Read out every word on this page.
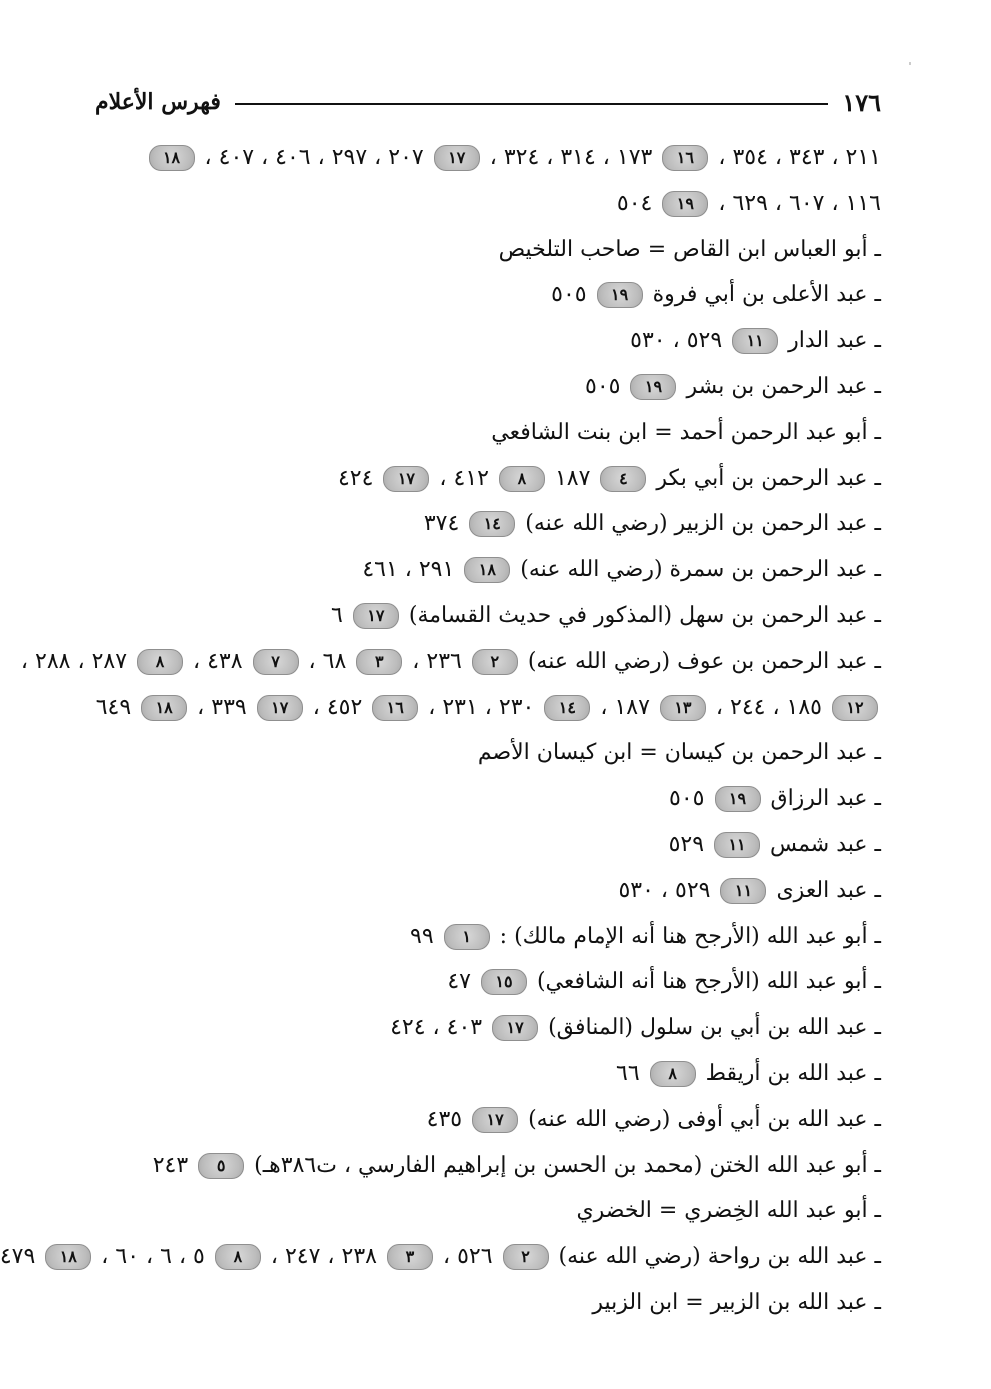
١٧٦
فهرس الأعلام
٢١١ ، ٣٤٣ ، ٣٥٤ ، ١٦ ١٧٣ ، ٣١٤ ، ٣٢٤ ، ١٧ ٢٠٧ ، ٢٩٧ ، ٤٠٦ ، ٤٠٧ ، ١٨
١١٦ ، ٦٠٧ ، ٦٢٩ ، ١٩ ٥٠٤
ـ أبو العباس ابن القاص = صاحب التلخيص
ـ عبد الأعلى بن أبي فروة ١٩ ٥٠٥
ـ عبد الدار ١١ ٥٢٩ ، ٥٣٠
ـ عبد الرحمن بن بشر ١٩ ٥٠٥
ـ أبو عبد الرحمن أحمد = ابن بنت الشافعي
ـ عبد الرحمن بن أبي بكر ٤ ١٨٧ ٨ ٤١٢ ، ١٧ ٤٢٤
ـ عبد الرحمن بن الزبير (رضي الله عنه) ١٤ ٣٧٤
ـ عبد الرحمن بن سمرة (رضي الله عنه) ١٨ ٢٩١ ، ٤٦١
ـ عبد الرحمن بن سهل (المذكور في حديث القسامة) ١٧ ٦
ـ عبد الرحمن بن عوف (رضي الله عنه) ٢ ٢٣٦ ، ٣ ٦٨ ، ٧ ٤٣٨ ، ٨ ٢٨٧ ، ٢٨٨ ،
١٢ ١٨٥ ، ٢٤٤ ، ١٣ ١٨٧ ، ١٤ ٢٣٠ ، ٢٣١ ، ١٦ ٤٥٢ ، ١٧ ٣٣٩ ، ١٨ ٦٤٩
ـ عبد الرحمن بن كيسان = ابن كيسان الأصم
ـ عبد الرزاق ١٩ ٥٠٥
ـ عبد شمس ١١ ٥٢٩
ـ عبد العزى ١١ ٥٢٩ ، ٥٣٠
ـ أبو عبد الله (الأرجح هنا أنه الإمام مالك) : ١ ٩٩
ـ أبو عبد الله (الأرجح هنا أنه الشافعي) ١٥ ٤٧
ـ عبد الله بن أبي بن سلول (المنافق) ١٧ ٤٠٣ ، ٤٢٤
ـ عبد الله بن أريقط ٨ ٦٦
ـ عبد الله بن أبي أوفى (رضي الله عنه) ١٧ ٤٣٥
ـ أبو عبد الله الختن (محمد بن الحسن بن إبراهيم الفارسي ، ت٣٨٦هـ) ٥ ٢٤٣
ـ أبو عبد الله الخِضري = الخضري
ـ عبد الله بن رواحة (رضي الله عنه) ٢ ٥٢٦ ، ٣ ٢٣٨ ، ٢٤٧ ، ٨ ٥ ، ٦ ، ٦٠ ، ١٨ ٤٧٩
ـ عبد الله بن الزبير = ابن الزبير
